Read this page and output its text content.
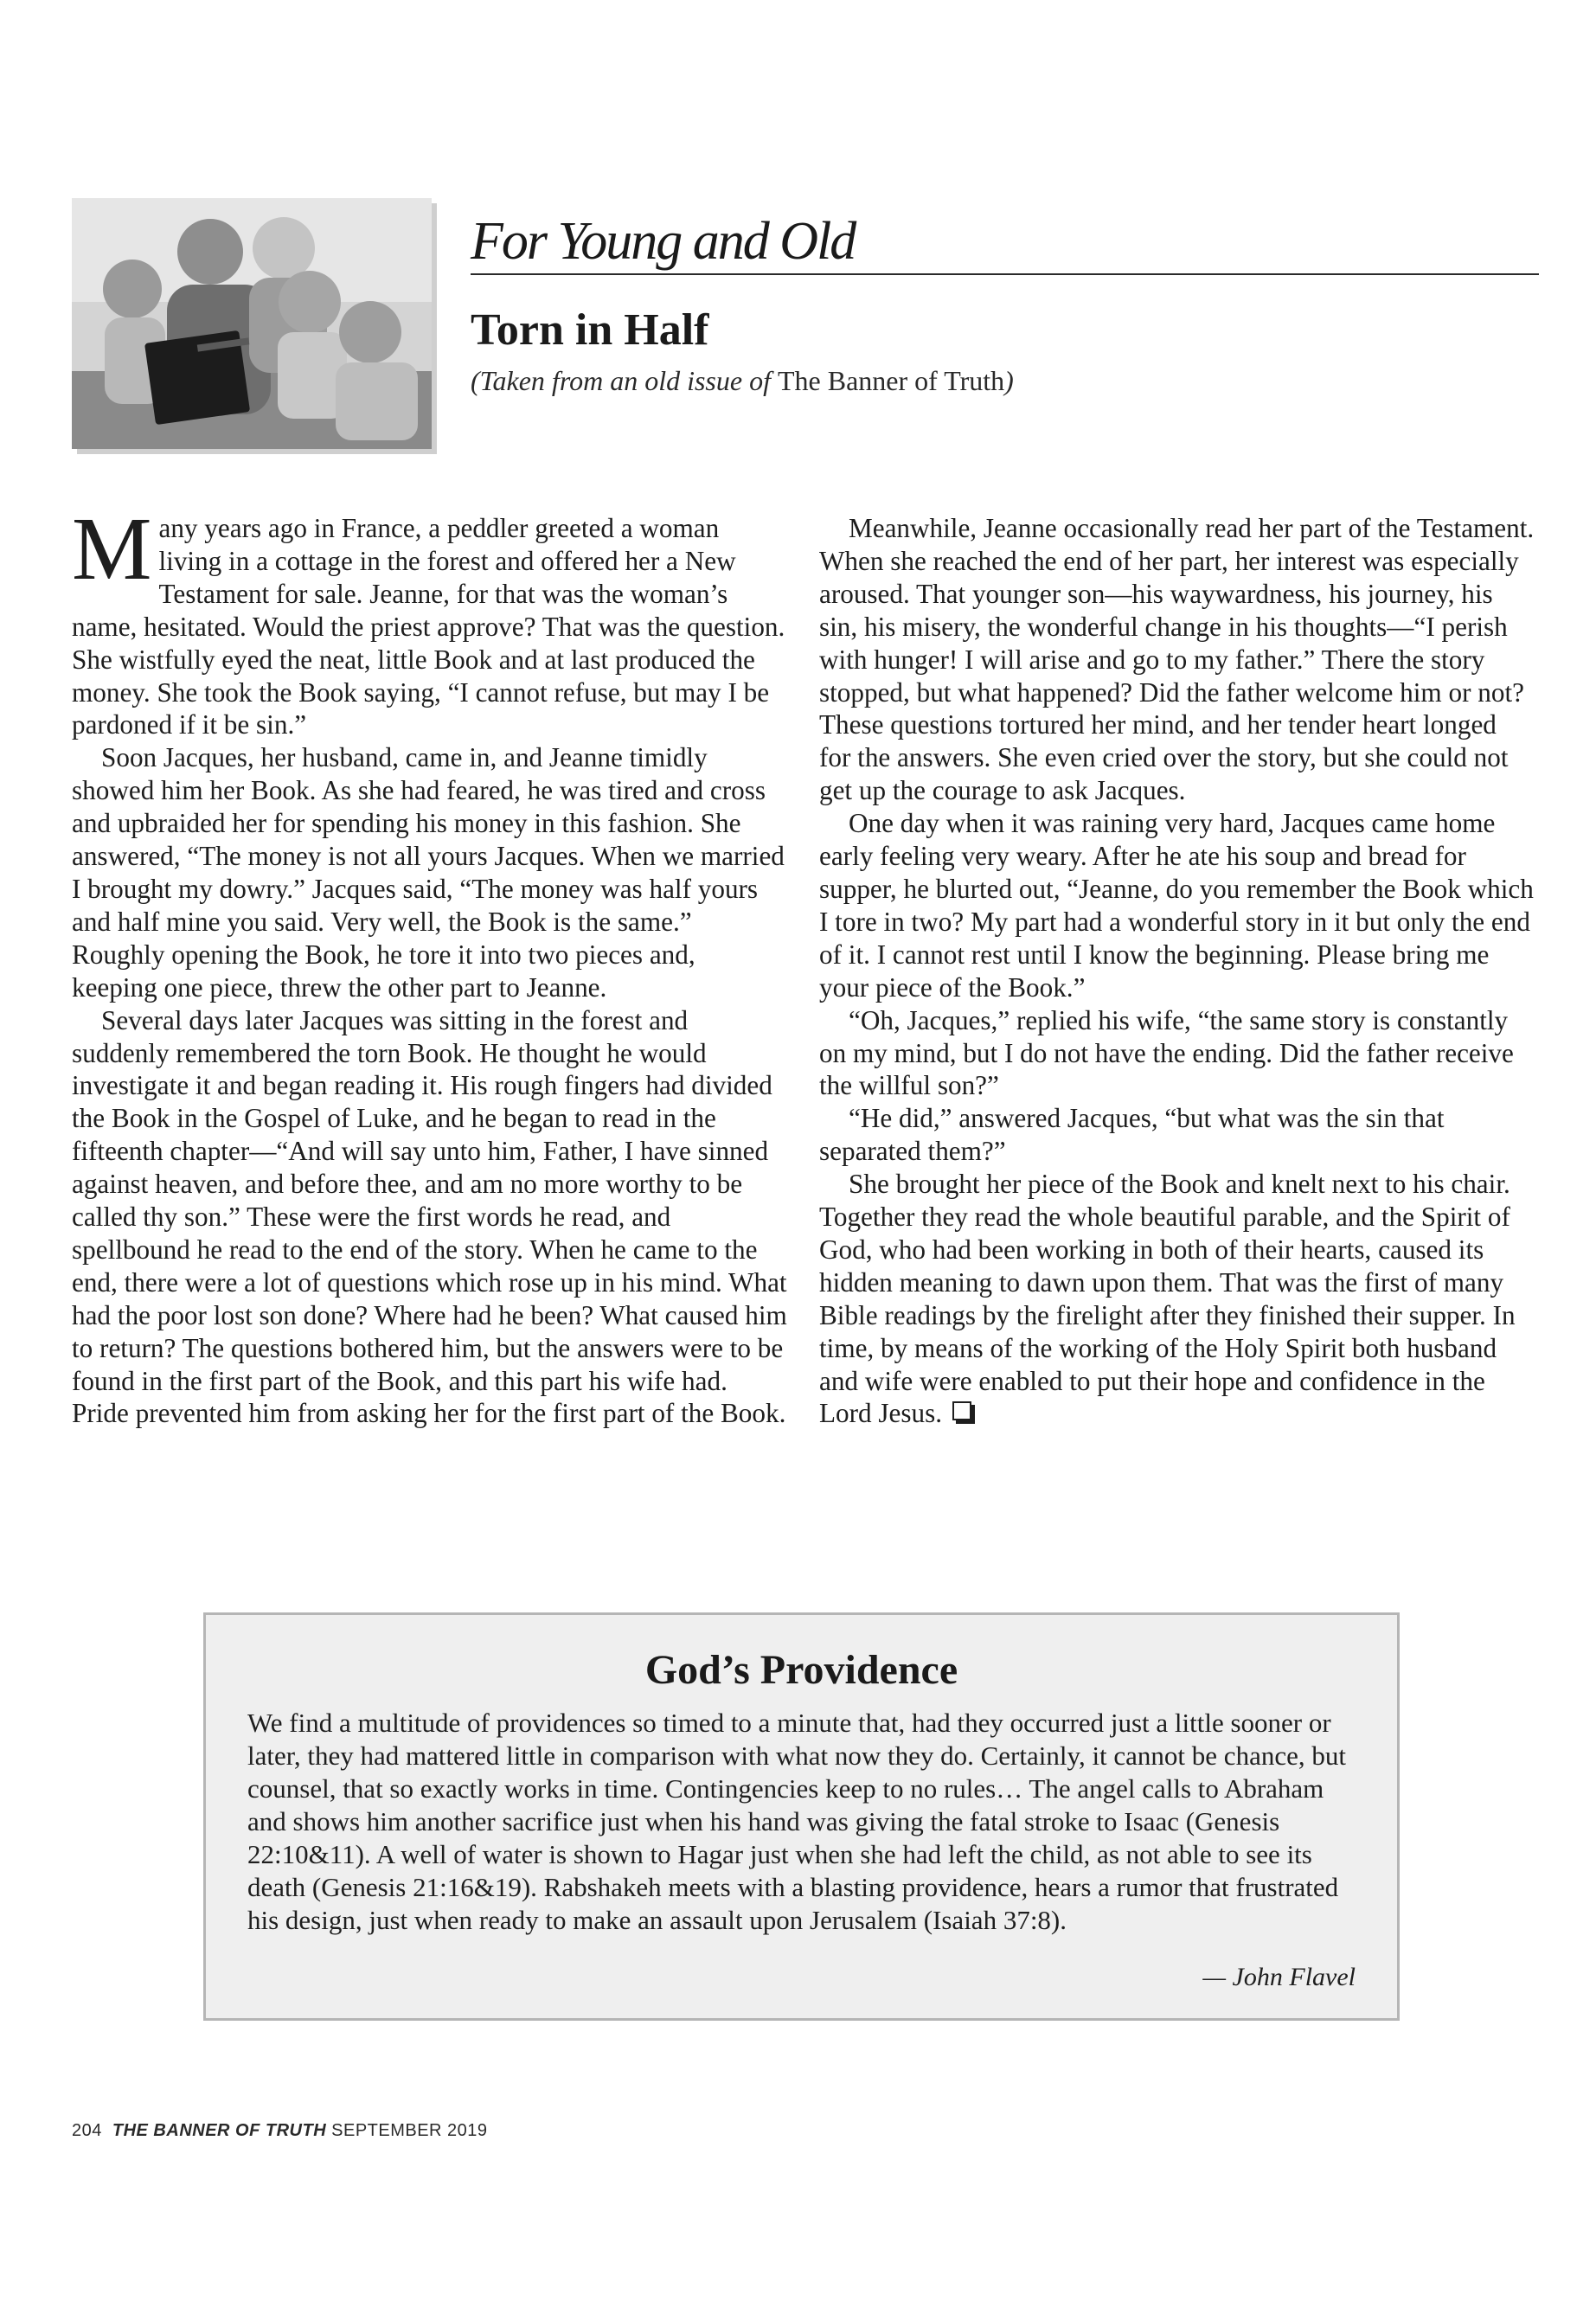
For Young and Old
Torn in Half
(Taken from an old issue of The Banner of Truth)

Many years ago in France, a peddler greeted a woman living in a cottage in the forest and offered her a New Testament for sale. Jeanne, for that was the woman’s name, hesitated. Would the priest approve? That was the question. She wistfully eyed the neat, little Book and at last produced the money. She took the Book saying, “I cannot refuse, but may I be pardoned if it be sin.”

Soon Jacques, her husband, came in, and Jeanne timidly showed him her Book. As she had feared, he was tired and cross and upbraided her for spending his money in this fashion. She answered, “The money is not all yours Jacques. When we married I brought my dowry.” Jacques said, “The money was half yours and half mine you said. Very well, the Book is the same.” Roughly opening the Book, he tore it into two pieces and, keeping one piece, threw the other part to Jeanne.

Several days later Jacques was sitting in the forest and suddenly remembered the torn Book. He thought he would investigate it and began reading it. His rough fingers had divided the Book in the Gospel of Luke, and he began to read in the fifteenth chapter—“And will say unto him, Father, I have sinned against heaven, and before thee, and am no more worthy to be called thy son.” These were the first words he read, and spellbound he read to the end of the story. When he came to the end, there were a lot of questions which rose up in his mind. What had the poor lost son done? Where had he been? What caused him to return? The questions bothered him, but the answers were to be found in the first part of the Book, and this part his wife had. Pride prevented him from asking her for the first part of the Book.

Meanwhile, Jeanne occasionally read her part of the Testament. When she reached the end of her part, her interest was especially aroused. That younger son—his waywardness, his journey, his sin, his misery, the wonderful change in his thoughts—“I perish with hunger! I will arise and go to my father.” There the story stopped, but what happened? Did the father welcome him or not? These questions tortured her mind, and her tender heart longed for the answers. She even cried over the story, but she could not get up the courage to ask Jacques.

One day when it was raining very hard, Jacques came home early feeling very weary. After he ate his soup and bread for supper, he blurted out, “Jeanne, do you remember the Book which I tore in two? My part had a wonderful story in it but only the end of it. I cannot rest until I know the beginning. Please bring me your piece of the Book.”

“Oh, Jacques,” replied his wife, “the same story is constantly on my mind, but I do not have the ending. Did the father receive the willful son?”

“He did,” answered Jacques, “but what was the sin that separated them?”

She brought her piece of the Book and knelt next to his chair. Together they read the whole beautiful parable, and the Spirit of God, who had been working in both of their hearts, caused its hidden meaning to dawn upon them. That was the first of many Bible readings by the firelight after they finished their supper. In time, by means of the working of the Holy Spirit both husband and wife were enabled to put their hope and confidence in the Lord Jesus.

God’s Providence
We find a multitude of providences so timed to a minute that, had they occurred just a little sooner or later, they had mattered little in comparison with what now they do. Certainly, it cannot be chance, but counsel, that so exactly works in time. Contingencies keep to no rules… The angel calls to Abraham and shows him another sacrifice just when his hand was giving the fatal stroke to Isaac (Genesis 22:10&11). A well of water is shown to Hagar just when she had left the child, as not able to see its death (Genesis 21:16&19). Rabshakeh meets with a blasting providence, hears a rumor that frustrated his design, just when ready to make an assault upon Jerusalem (Isaiah 37:8).
— John Flavel
204 THE BANNER OF TRUTH SEPTEMBER 2019
